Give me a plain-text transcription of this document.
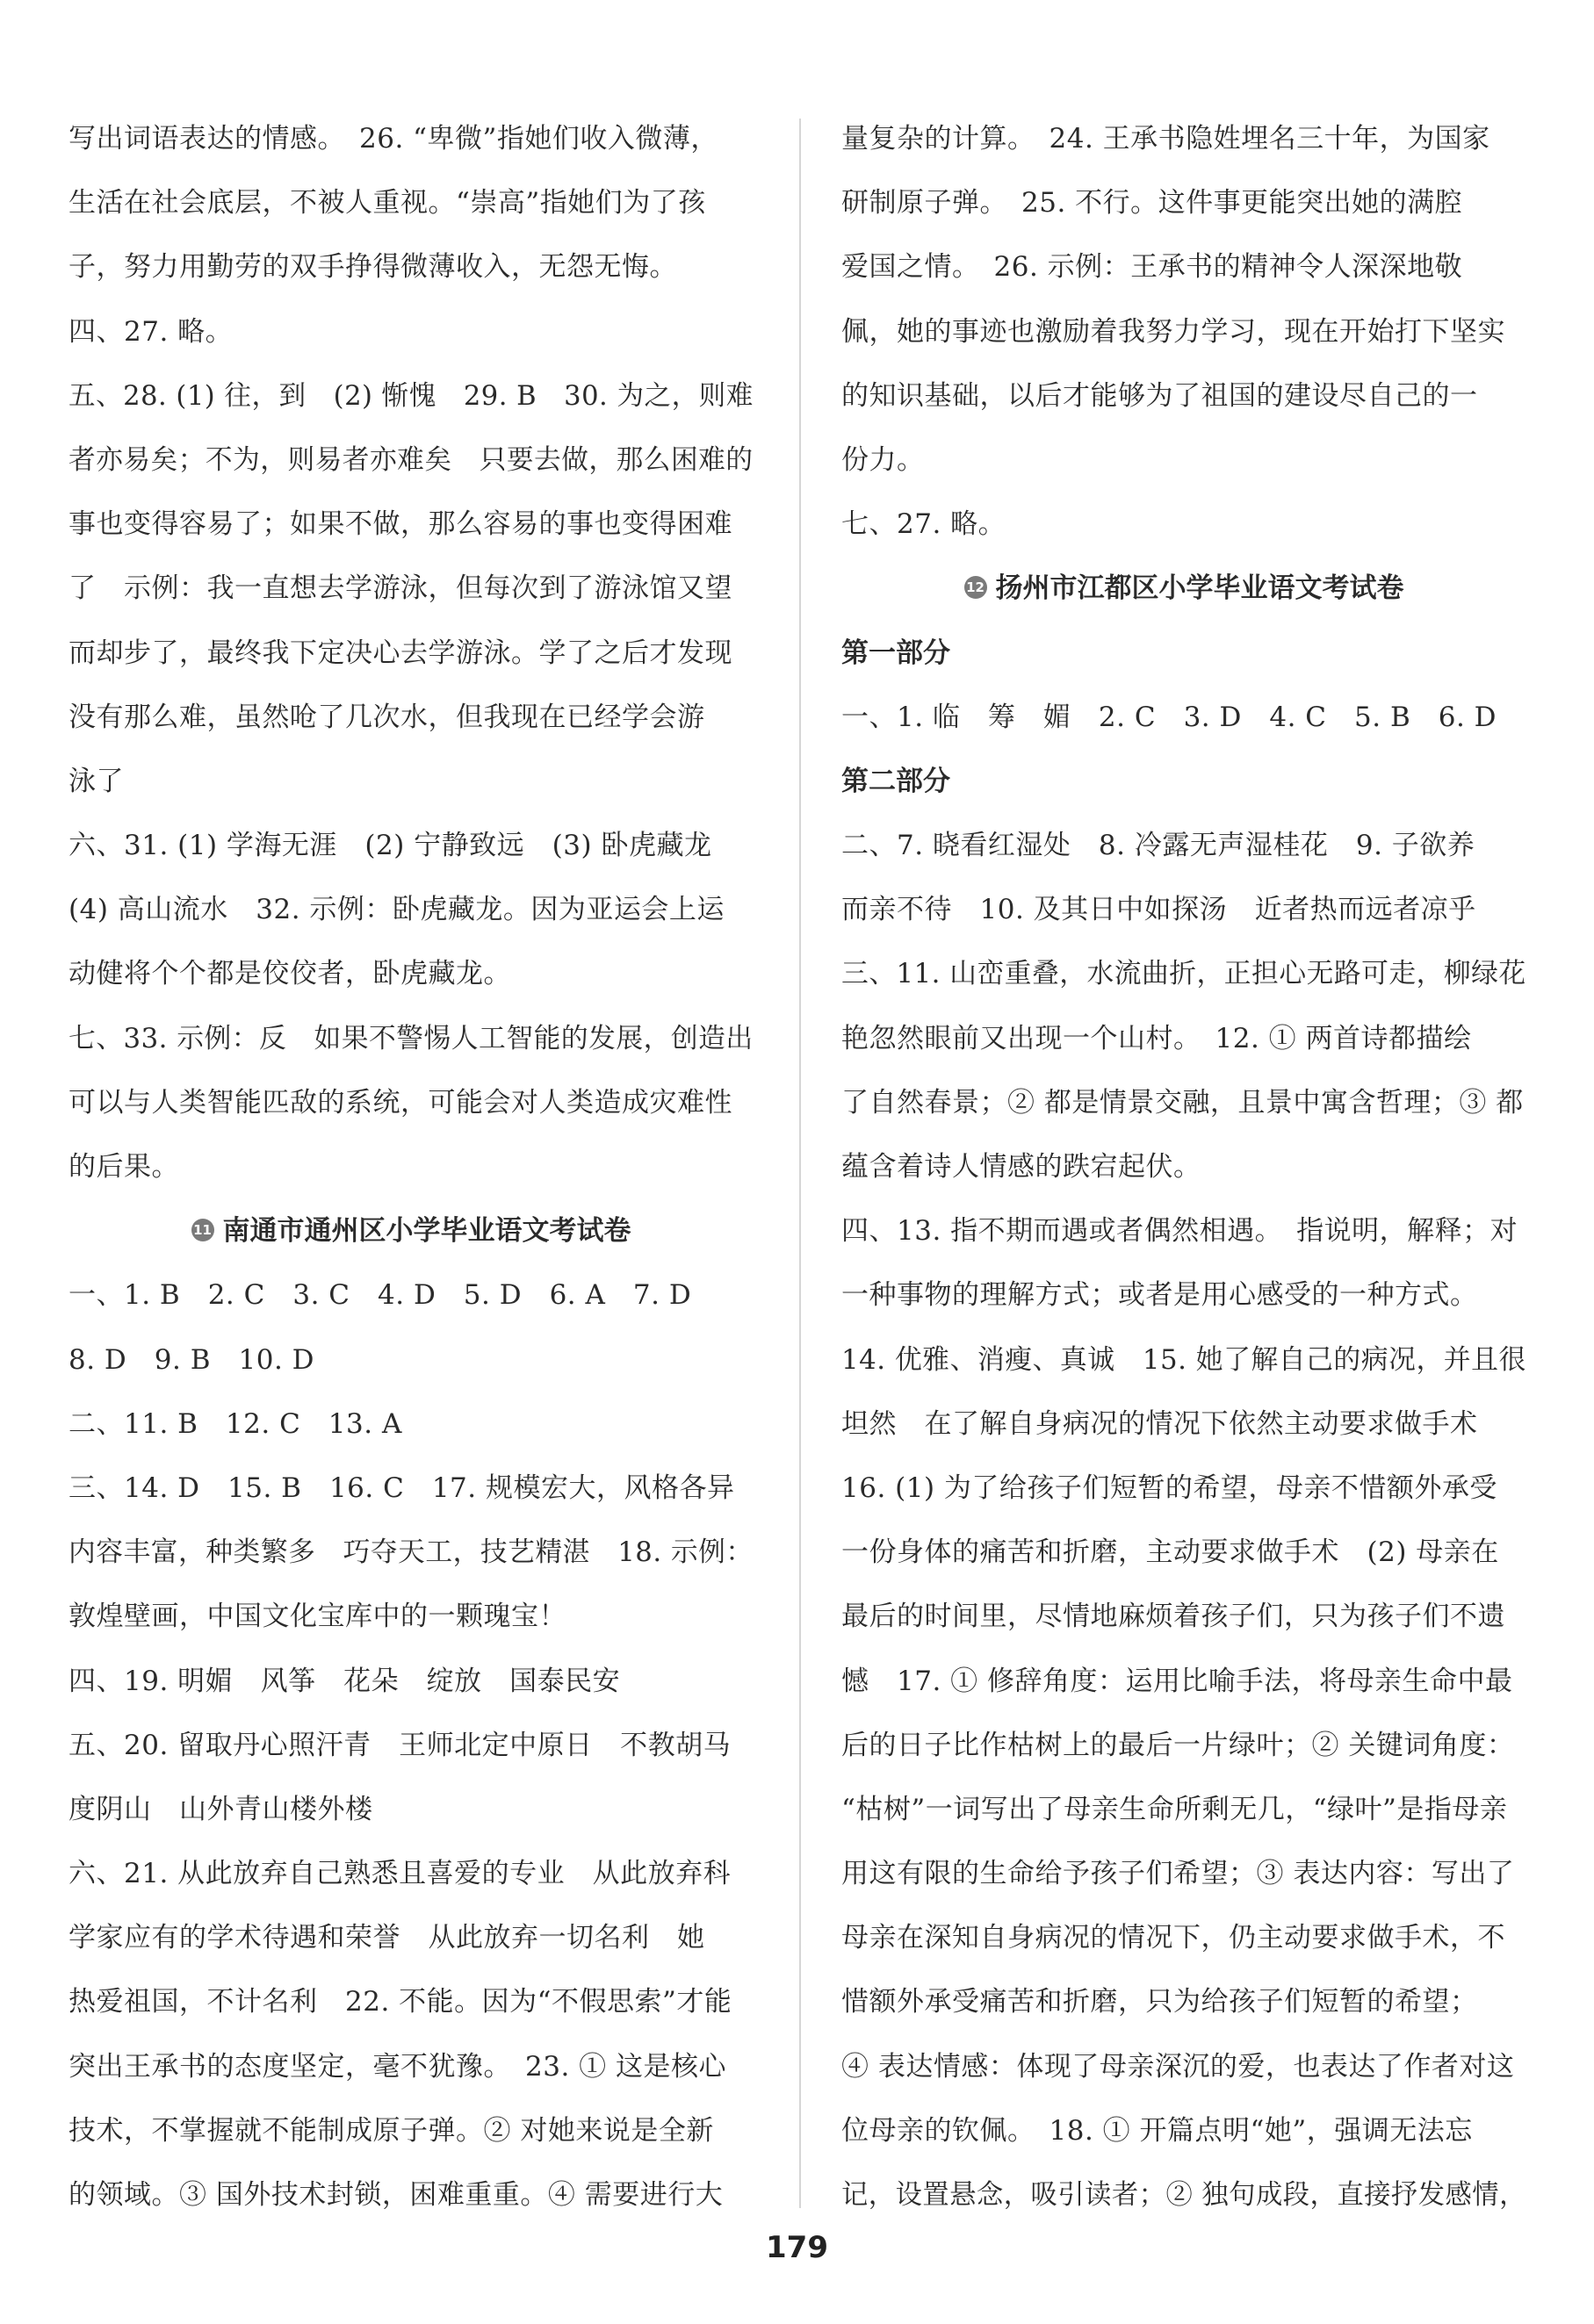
写出词语表达的情感。　26. “卑微”指她们收入微薄，
生活在社会底层，不被人重视。“崇高”指她们为了孩
子，努力用勤劳的双手挣得微薄收入，无怨无悔。
四、27. 略。
五、28. (1) 往，到　(2) 惭愧　29. B　30. 为之，则难
者亦易矣；不为，则易者亦难矣　只要去做，那么困难的
事也变得容易了；如果不做，那么容易的事也变得困难
了　示例：我一直想去学游泳，但每次到了游泳馆又望
而却步了，最终我下定决心去学游泳。学了之后才发现
没有那么难，虽然呛了几次水，但我现在已经学会游
泳了
六、31. (1) 学海无涯　(2) 宁静致远　(3) 卧虎藏龙
(4) 高山流水　32. 示例：卧虎藏龙。因为亚运会上运
动健将个个都是佼佼者，卧虎藏龙。
七、33. 示例：反　如果不警惕人工智能的发展，创造出
可以与人类智能匹敌的系统，可能会对人类造成灾难性
的后果。
11 南通市通州区小学毕业语文考试卷
一、1. B　2. C　3. C　4. D　5. D　6. A　7. D
8. D　9. B　10. D
二、11. B　12. C　13. A
三、14. D　15. B　16. C　17. 规模宏大，风格各异
内容丰富，种类繁多　巧夺天工，技艺精湛　18. 示例：
敦煌壁画，中国文化宝库中的一颗瑰宝！
四、19. 明媚　风筝　花朵　绽放　国泰民安
五、20. 留取丹心照汗青　王师北定中原日　不教胡马
度阴山　山外青山楼外楼
六、21. 从此放弃自己熟悉且喜爱的专业　从此放弃科
学家应有的学术待遇和荣誉　从此放弃一切名利　她
热爱祖国，不计名利　22. 不能。因为“不假思索”才能
突出王承书的态度坚定，毫不犹豫。　23. ① 这是核心
技术，不掌握就不能制成原子弹。② 对她来说是全新
的领域。③ 国外技术封锁，困难重重。④ 需要进行大
量复杂的计算。　24. 王承书隐姓埋名三十年，为国家
研制原子弹。　25. 不行。这件事更能突出她的满腔
爱国之情。　26. 示例：王承书的精神令人深深地敬
佩，她的事迹也激励着我努力学习，现在开始打下坚实
的知识基础，以后才能够为了祖国的建设尽自己的一
份力。
七、27. 略。
12 扬州市江都区小学毕业语文考试卷
第一部分
一、1. 临　筹　媚　2. C　3. D　4. C　5. B　6. D
第二部分
二、7. 晓看红湿处　8. 冷露无声湿桂花　9. 子欲养
而亲不待　10. 及其日中如探汤　近者热而远者凉乎
三、11. 山峦重叠，水流曲折，正担心无路可走，柳绿花
艳忽然眼前又出现一个山村。　12. ① 两首诗都描绘
了自然春景；② 都是情景交融，且景中寓含哲理；③ 都
蕴含着诗人情感的跌宕起伏。
四、13. 指不期而遇或者偶然相遇。　指说明，解释；对
一种事物的理解方式；或者是用心感受的一种方式。
14. 优雅、消瘦、真诚　15. 她了解自己的病况，并且很
坦然　在了解自身病况的情况下依然主动要求做手术
16. (1) 为了给孩子们短暂的希望，母亲不惜额外承受
一份身体的痛苦和折磨，主动要求做手术　(2) 母亲在
最后的时间里，尽情地麻烦着孩子们，只为孩子们不遗
憾　17. ① 修辞角度：运用比喻手法，将母亲生命中最
后的日子比作枯树上的最后一片绿叶；② 关键词角度：
“枯树”一词写出了母亲生命所剩无几，“绿叶”是指母亲
用这有限的生命给予孩子们希望；③ 表达内容：写出了
母亲在深知自身病况的情况下，仍主动要求做手术，不
惜额外承受痛苦和折磨，只为给孩子们短暂的希望；
④ 表达情感：体现了母亲深沉的爱，也表达了作者对这
位母亲的钦佩。　18. ① 开篇点明“她”，强调无法忘
记，设置悬念，吸引读者；② 独句成段，直接抒发感情，
179
